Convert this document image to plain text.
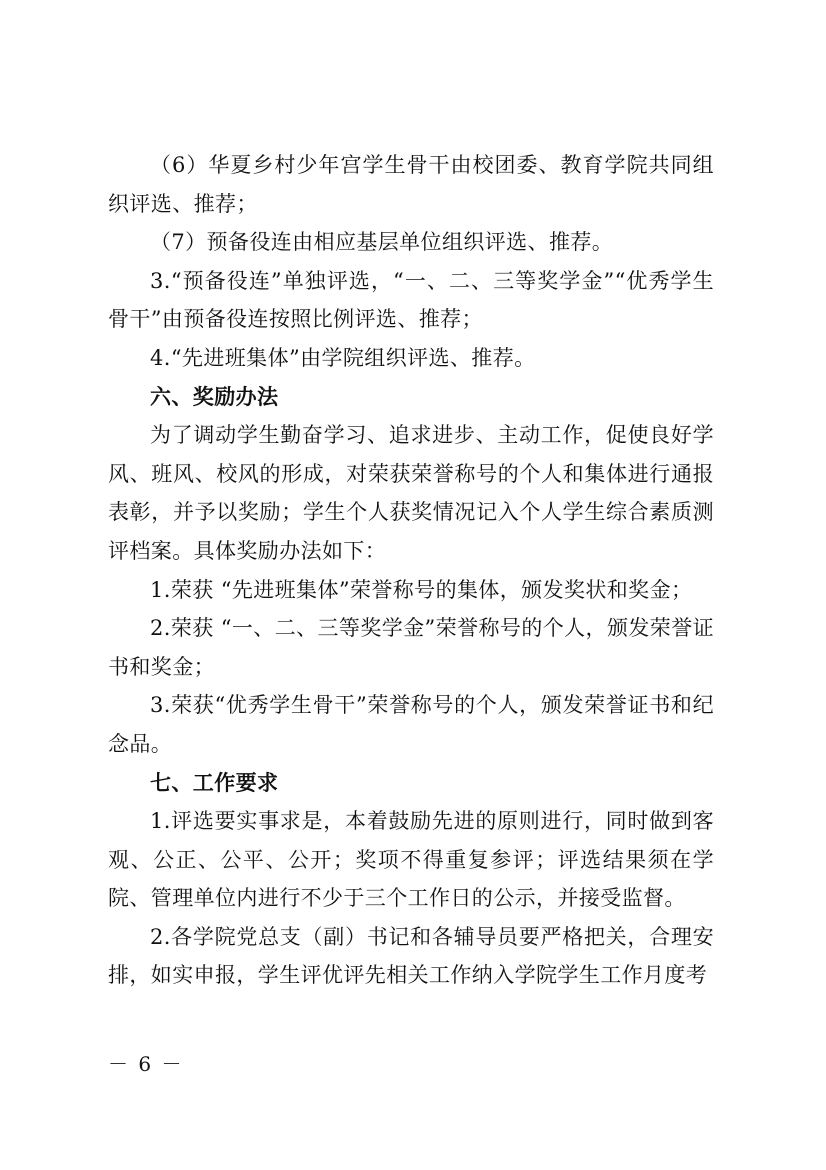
（6）华夏乡村少年宫学生骨干由校团委、教育学院共同组织评选、推荐；

（7）预备役连由相应基层单位组织评选、推荐。

3.“预备役连”单独评选，“一、二、三等奖学金”“优秀学生骨干”由预备役连按照比例评选、推荐；

4.“先进班集体”由学院组织评选、推荐。

六、奖励办法

为了调动学生勤奋学习、追求进步、主动工作，促使良好学风、班风、校风的形成，对荣获荣誉称号的个人和集体进行通报表彰，并予以奖励；学生个人获奖情况记入个人学生综合素质测评档案。具体奖励办法如下：

1.荣获 “先进班集体”荣誉称号的集体，颁发奖状和奖金；

2.荣获 “一、二、三等奖学金”荣誉称号的个人，颁发荣誉证书和奖金；

3.荣获“优秀学生骨干”荣誉称号的个人，颁发荣誉证书和纪念品。

七、工作要求

1.评选要实事求是，本着鼓励先进的原则进行，同时做到客观、公正、公平、公开；奖项不得重复参评；评选结果须在学院、管理单位内进行不少于三个工作日的公示，并接受监督。

2.各学院党总支（副）书记和各辅导员要严格把关，合理安排，如实申报，学生评优评先相关工作纳入学院学生工作月度考

－ 6 －
